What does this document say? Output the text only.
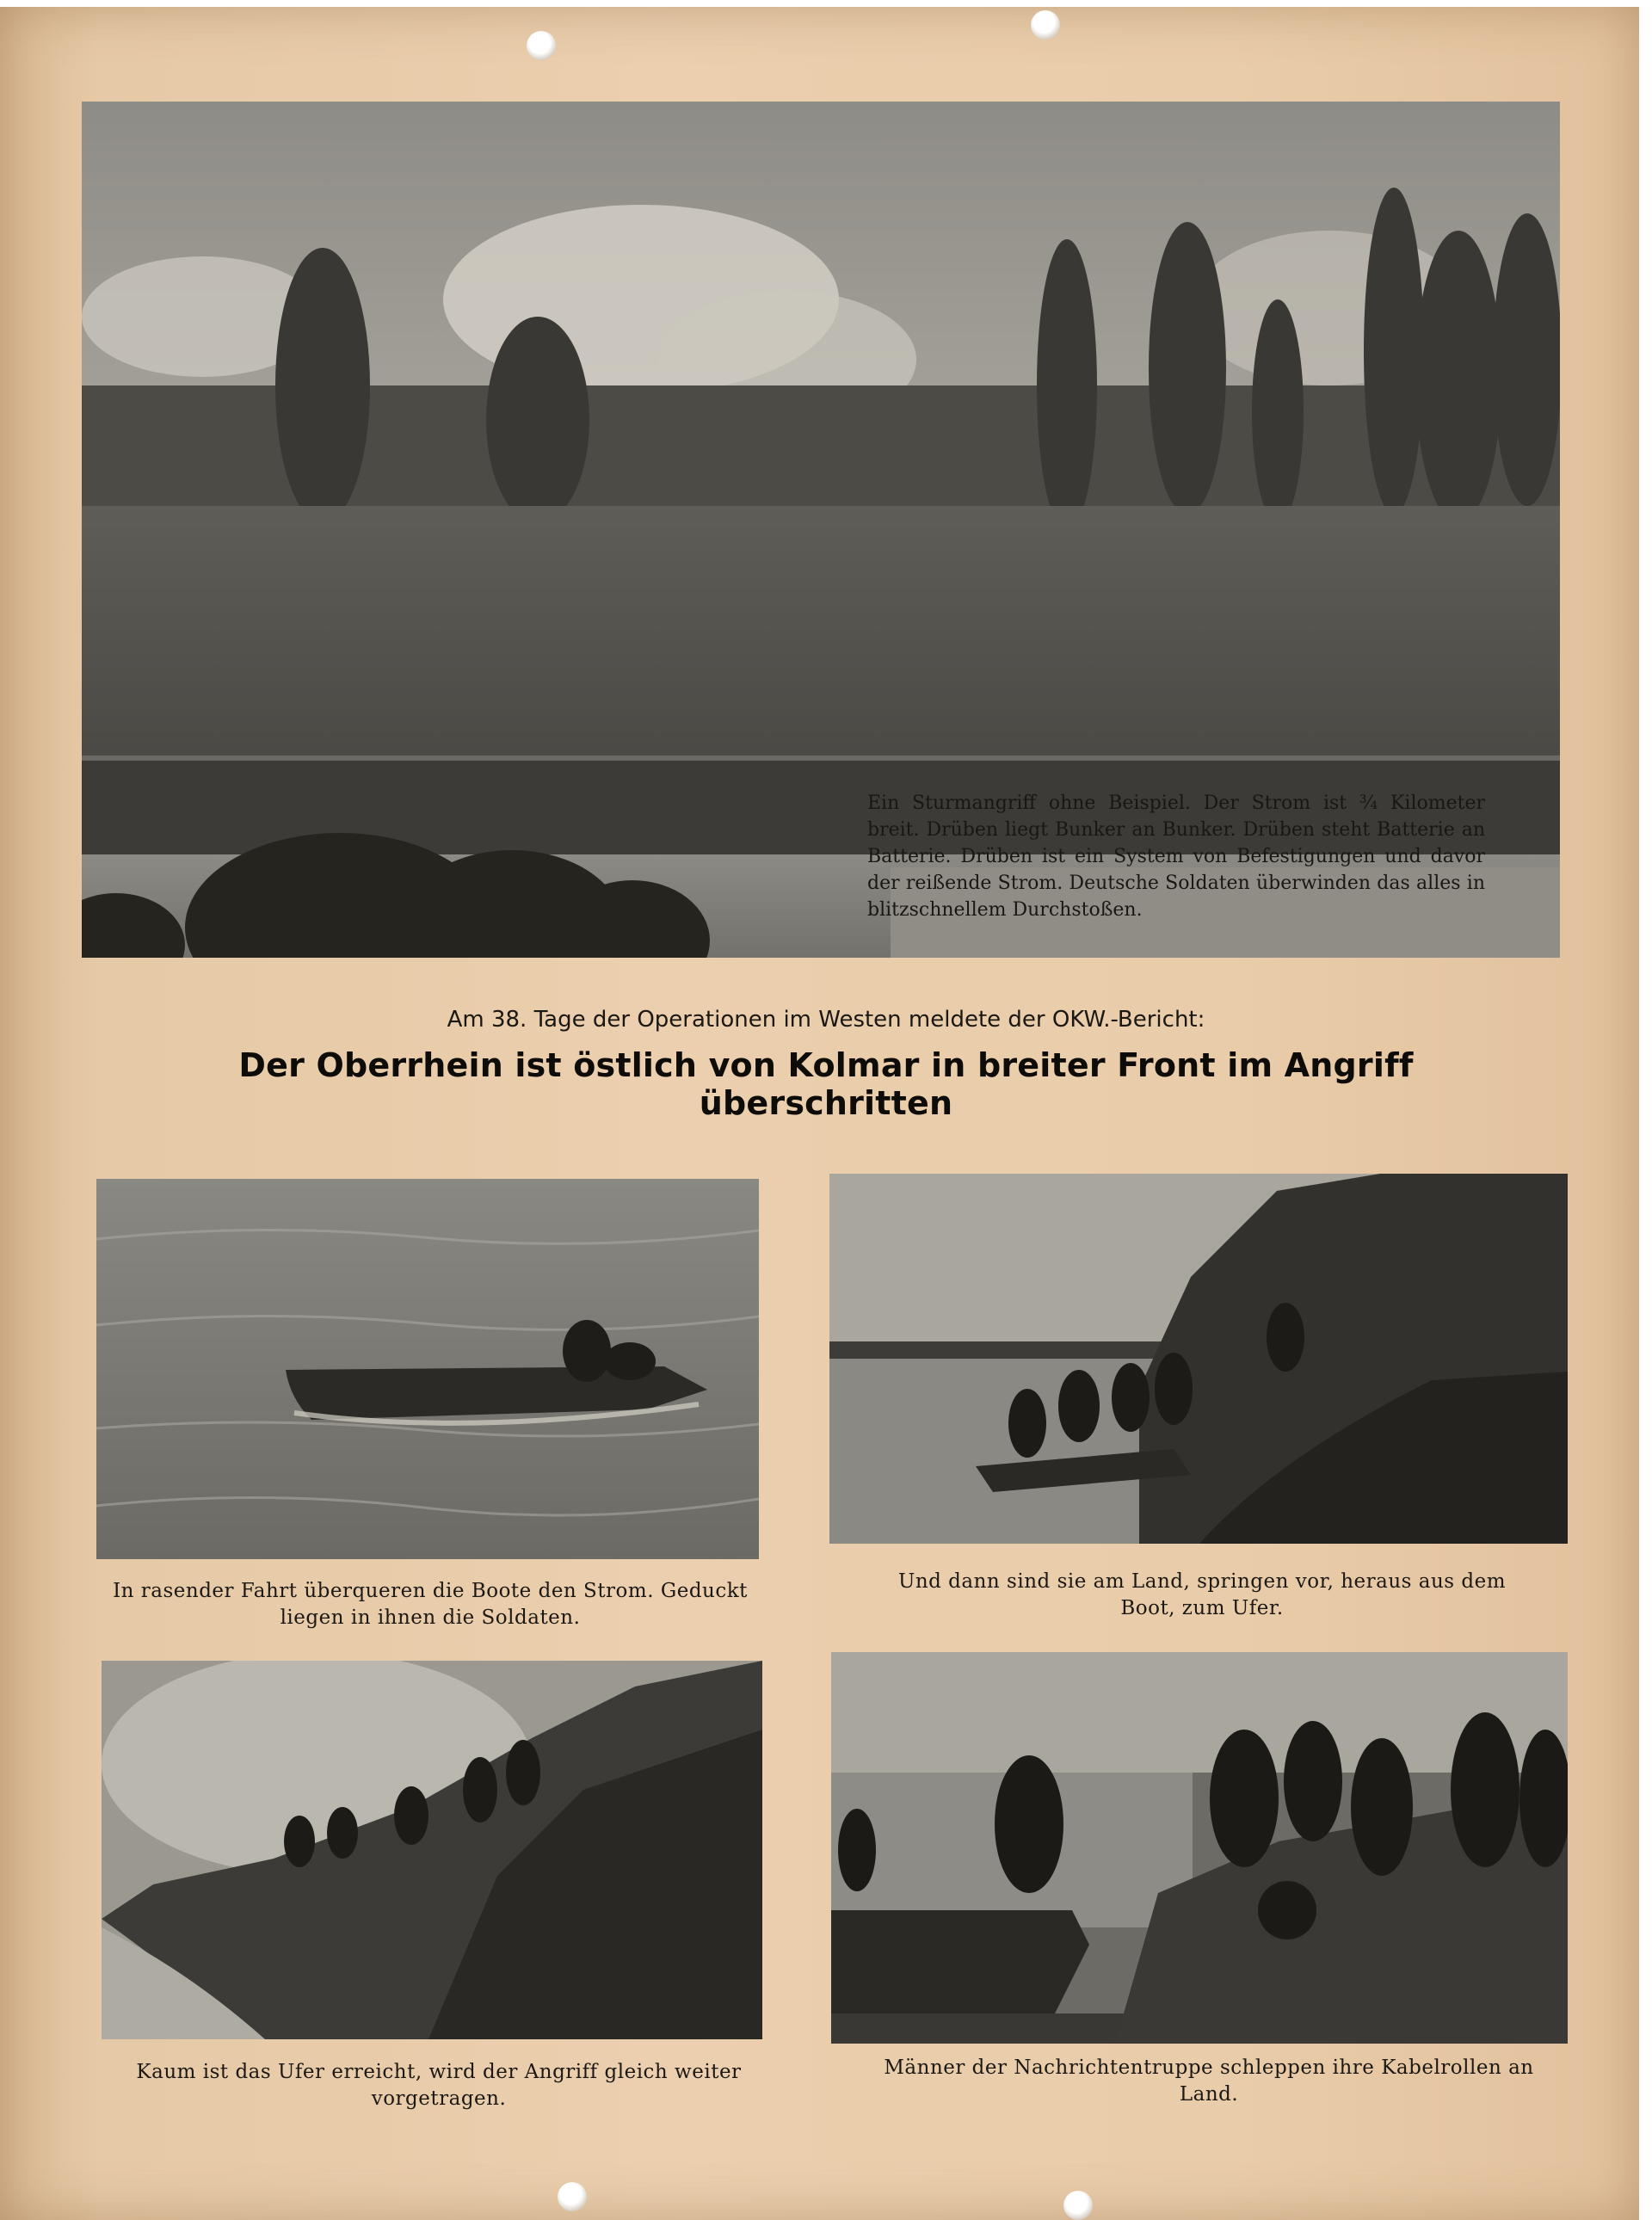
Ein Sturmangriff ohne Beispiel. Der Strom ist ¾ Kilometer breit. Drüben liegt Bunker an Bunker. Drüben steht Batterie an Batterie. Drüben ist ein System von Befestigungen und davor der reißende Strom. Deutsche Soldaten überwinden das alles in blitzschnellem Durchstoßen.
Am 38. Tage der Operationen im Westen meldete der OKW.-Bericht:
Der Oberrhein ist östlich von Kolmar in breiter Front im Angriff überschritten
In rasender Fahrt überqueren die Boote den Strom. Geduckt liegen in ihnen die Soldaten.
Und dann sind sie am Land, springen vor, heraus aus dem Boot, zum Ufer.
Kaum ist das Ufer erreicht, wird der Angriff gleich weiter vorgetragen.
Männer der Nachrichtentruppe schleppen ihre Kabelrollen an Land.
